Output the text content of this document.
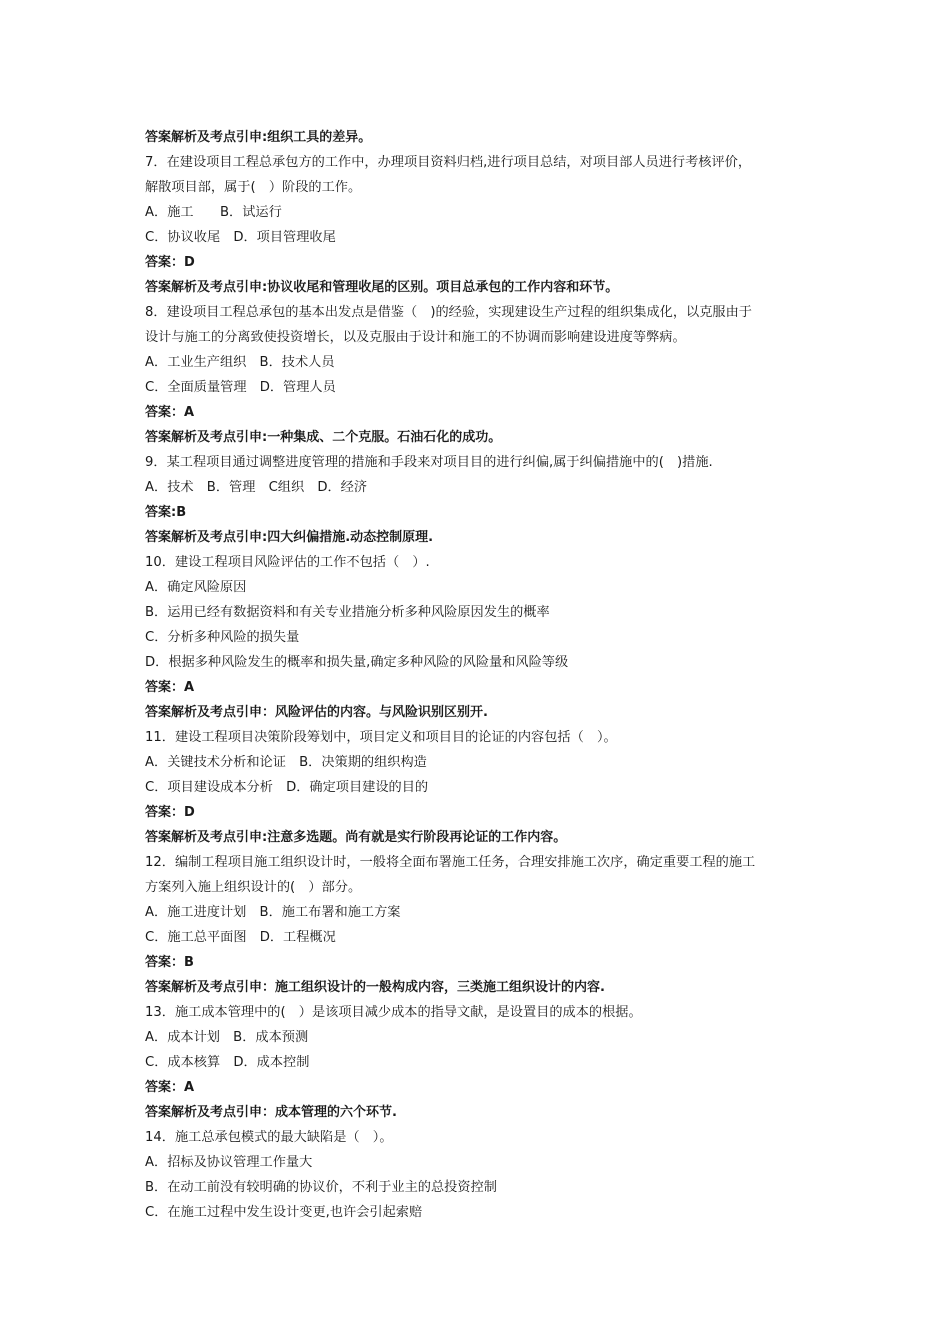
答案解析及考点引申:组织工具的差异。
7．在建设项目工程总承包方的工作中，办理项目资料归档,进行项目总结，对项目部人员进行考核评价，
解散项目部，属于(　）阶段的工作。
A．施工　　B．试运行
C．协议收尾　D．项目管理收尾
答案：D
答案解析及考点引申:协议收尾和管理收尾的区别。项目总承包的工作内容和环节。
8．建设项目工程总承包的基本出发点是借鉴（　)的经验，实现建设生产过程的组织集成化，以克服由于
设计与施工的分离致使投资增长，以及克服由于设计和施工的不协调而影响建设进度等弊病。
A．工业生产组织　B．技术人员
C．全面质量管理　D．管理人员
答案：A
答案解析及考点引申:一种集成、二个克服。石油石化的成功。
9．某工程项目通过调整进度管理的措施和手段来对项目目的进行纠偏,属于纠偏措施中的(　)措施.
A．技术　B．管理　C组织　D．经济
答案:B
答案解析及考点引申:四大纠偏措施.动态控制原理.
10．建设工程项目风险评估的工作不包括（　）.
A．确定风险原因
B．运用已经有数据资料和有关专业措施分析多种风险原因发生的概率
C．分析多种风险的损失量
D．根据多种风险发生的概率和损失量,确定多种风险的风险量和风险等级
答案：A
答案解析及考点引申：风险评估的内容。与风险识别区别开.
11．建设工程项目决策阶段筹划中，项目定义和项目目的论证的内容包括（　）。
A．关键技术分析和论证　B．决策期的组织构造
C．项目建设成本分析　D．确定项目建设的目的
答案：D
答案解析及考点引申:注意多选题。尚有就是实行阶段再论证的工作内容。
12．编制工程项目施工组织设计时，一般将全面布署施工任务，合理安排施工次序，确定重要工程的施工
方案列入施上组织设计的(　）部分。
A．施工进度计划　B．施工布署和施工方案
C．施工总平面图　D．工程概况
答案：B
答案解析及考点引申：施工组织设计的一般构成内容，三类施工组织设计的内容.
13．施工成本管理中的(　）是该项目减少成本的指导文献，是设置目的成本的根据。
A．成本计划　B．成本预测
C．成本核算　D．成本控制
答案：A
答案解析及考点引申：成本管理的六个环节.
14．施工总承包模式的最大缺陷是（　）。
A．招标及协议管理工作量大
B．在动工前没有较明确的协议价，不利于业主的总投资控制
C．在施工过程中发生设计变更,也许会引起索赔
